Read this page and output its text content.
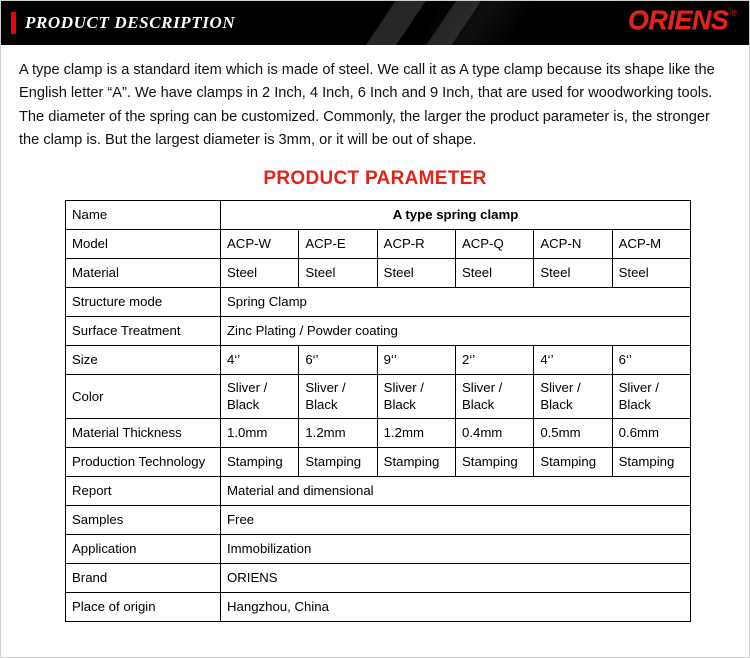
PRODUCT DESCRIPTION	ORIENS ®
A type clamp is a standard item which is made of steel. We call it as A type clamp because its shape like the English letter “A”. We have clamps in 2 Inch, 4 Inch, 6 Inch and 9 Inch, that are used for woodworking tools. The diameter of the spring can be customized. Commonly, the larger the product parameter is, the stronger the clamp is. But the largest diameter is 3mm, or it will be out of shape.
PRODUCT PARAMETER
Name	A type spring clamp					
Model	ACP-W	ACP-E	ACP-R	ACP-Q	ACP-N	ACP-M
Material	Steel	Steel	Steel	Steel	Steel	Steel
Structure mode	Spring Clamp					
Surface Treatment	Zinc Plating / Powder coating					
Size	4‘’	6‘’	9‘’	2‘’	4‘’	6‘’
Color	Sliver / Black	Sliver / Black	Sliver / Black	Sliver / Black	Sliver / Black	Sliver / Black
Material Thickness	1.0mm	1.2mm	1.2mm	0.4mm	0.5mm	0.6mm
Production Technology	Stamping	Stamping	Stamping	Stamping	Stamping	Stamping
Report	Material and dimensional					
Samples	Free					
Application	Immobilization					
Brand	ORIENS					
Place of origin	Hangzhou, China					
